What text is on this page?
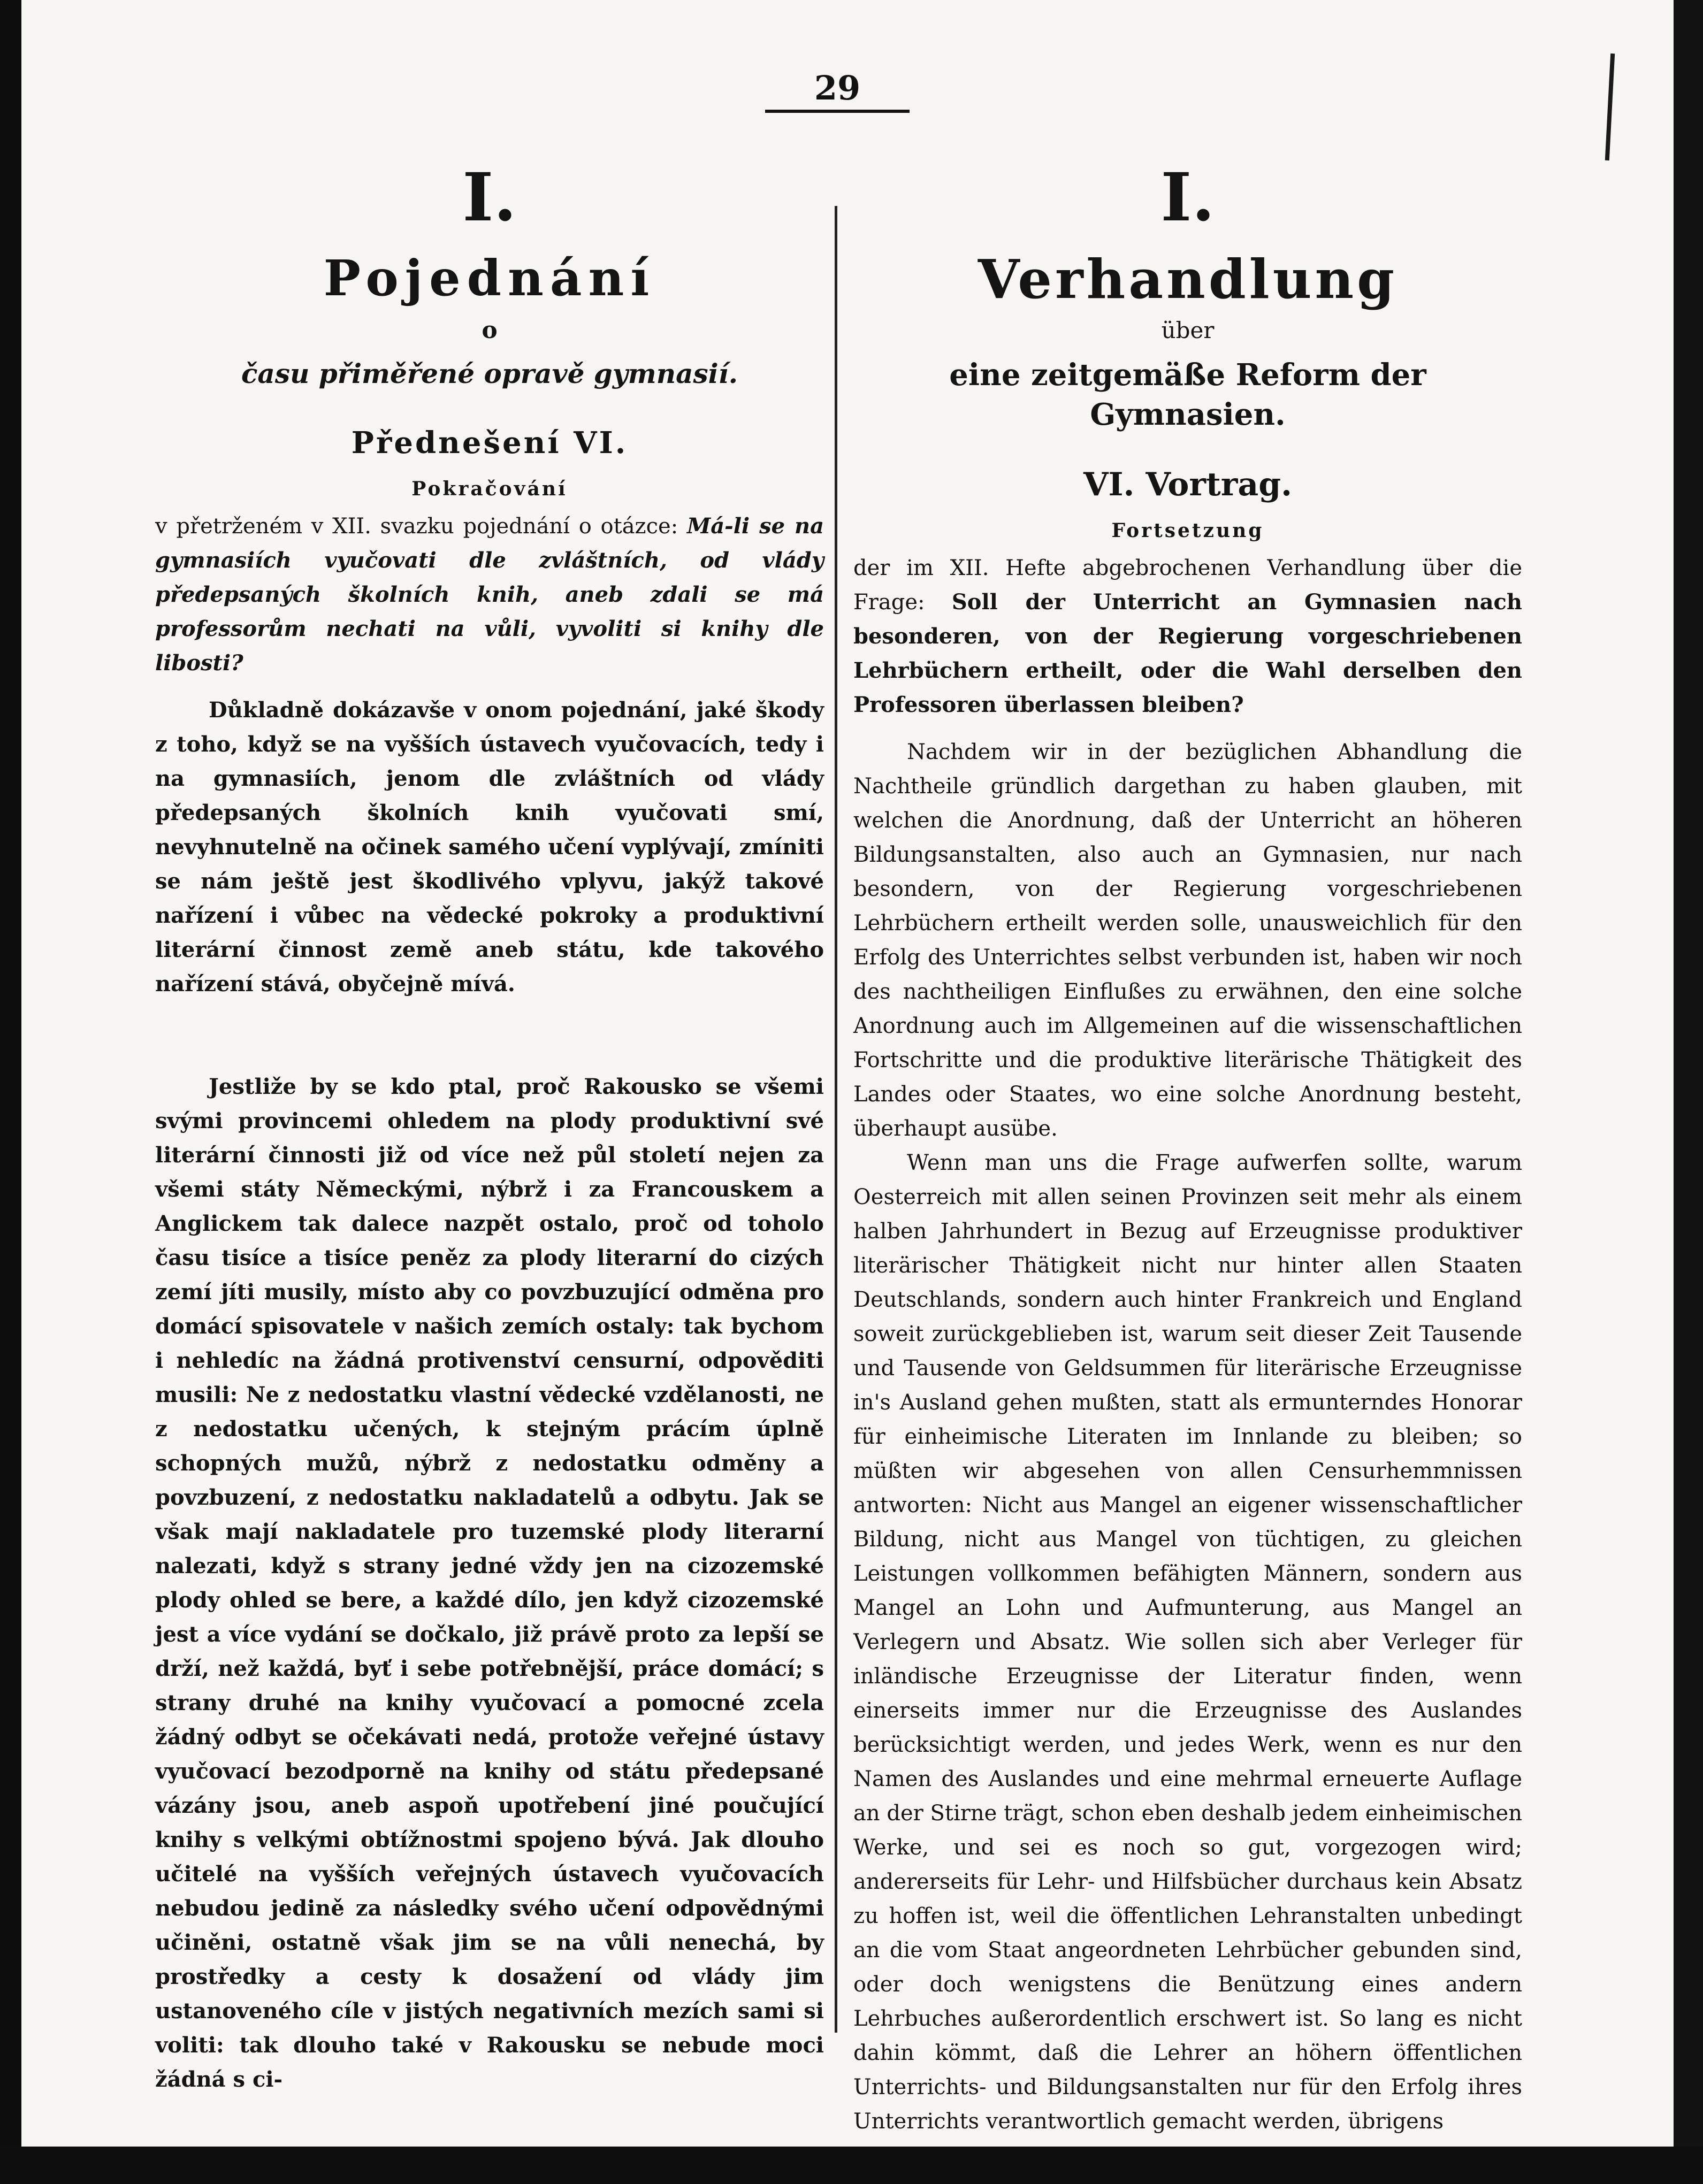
29
I.
Pojednání
o
času přiměřené opravě gymnasií.
Přednešení VI.
Pokračování

v přetrženém v XII. svazku pojednání o otázce: Má-li se na gymnasiích vyučovati dle zvláštních, od vlády předepsaných školních knih, aneb zdali se má professorům nechati na vůli, vyvoliti si knihy dle libosti?

Důkladně dokázavše v onom pojednání, jaké škody z toho, když se na vyšších ústavech vyučovacích, tedy i na gymnasiích, jenom dle zvláštních od vlády předepsaných školních knih vyučovati smí, nevyhnutelně na očinek samého učení vyplývají, zmíniti se nám ještě jest škodlivého vplyvu, jakýž takové nařízení i vůbec na vědecké pokroky a produktivní literární činnost země aneb státu, kde takového nařízení stává, obyčejně mívá.

Jestliže by se kdo ptal, proč Rakousko se všemi svými provincemi ohledem na plody produktivní své literární činnosti již od více než půl století nejen za všemi státy Německými, nýbrž i za Francouskem a Anglickem tak dalece nazpět ostalo, proč od toholo času tisíce a tisíce peněz za plody literarní do cizých zemí jíti musily, místo aby co povzbuzující odměna pro domácí spisovatele v našich zemích ostaly: tak bychom i nehledíc na žádná protivenství censurní, odpověditi musili: Ne z nedostatku vlastní vědecké vzdělanosti, ne z nedostatku učených, k stejným prácím úplně schopných mužů, nýbrž z nedostatku odměny a povzbuzení, z nedostatku nakladatelů a odbytu. Jak se však mají nakladatele pro tuzemské plody literarní nalezati, když s strany jedné vždy jen na cizozemské plody ohled se bere, a každé dílo, jen když cizozemské jest a více vydání se dočkalo, již právě proto za lepší se drží, než každá, byť i sebe potřebnější, práce domácí; s strany druhé na knihy vyučovací a pomocné zcela žádný odbyt se očekávati nedá, protože veřejné ústavy vyučovací bezodporně na knihy od státu předepsané vázány jsou, aneb aspoň upotřebení jiné poučující knihy s velkými obtížnostmi spojeno bývá. Jak dlouho učitelé na vyšších veřejných ústavech vyučovacích nebudou jedině za následky svého učení odpovědnými učiněni, ostatně však jim se na vůli nenechá, by prostředky a cesty k dosažení od vlády jim ustanoveného cíle v jistých negativních mezích sami si voliti: tak dlouho také v Rakousku se nebude moci žádná s ci-

I.
Verhandlung
über
eine zeitgemäße Reform der Gymnasien.
VI. Vortrag.
Fortsetzung

der im XII. Hefte abgebrochenen Verhandlung über die Frage: Soll der Unterricht an Gymnasien nach besonderen, von der Regierung vorgeschriebenen Lehrbüchern ertheilt, oder die Wahl derselben den Professoren überlassen bleiben?

Nachdem wir in der bezüglichen Abhandlung die Nachtheile gründlich dargethan zu haben glauben, mit welchen die Anordnung, daß der Unterricht an höheren Bildungsanstalten, also auch an Gymnasien, nur nach besondern, von der Regierung vorgeschriebenen Lehrbüchern ertheilt werden solle, unausweichlich für den Erfolg des Unterrichtes selbst verbunden ist, haben wir noch des nachtheiligen Einflußes zu erwähnen, den eine solche Anordnung auch im Allgemeinen auf die wissenschaftlichen Fortschritte und die produktive literärische Thätigkeit des Landes oder Staates, wo eine solche Anordnung besteht, überhaupt ausübe.

Wenn man uns die Frage aufwerfen sollte, warum Oesterreich mit allen seinen Provinzen seit mehr als einem halben Jahrhundert in Bezug auf Erzeugnisse produktiver literärischer Thätigkeit nicht nur hinter allen Staaten Deutschlands, sondern auch hinter Frankreich und England soweit zurückgeblieben ist, warum seit dieser Zeit Tausende und Tausende von Geldsummen für literärische Erzeugnisse in's Ausland gehen mußten, statt als ermunterndes Honorar für einheimische Literaten im Innlande zu bleiben; so müßten wir abgesehen von allen Censurhemmnissen antworten: Nicht aus Mangel an eigener wissenschaftlicher Bildung, nicht aus Mangel von tüchtigen, zu gleichen Leistungen vollkommen befähigten Männern, sondern aus Mangel an Lohn und Aufmunterung, aus Mangel an Verlegern und Absatz. Wie sollen sich aber Verleger für inländische Erzeugnisse der Literatur finden, wenn einerseits immer nur die Erzeugnisse des Auslandes berücksichtigt werden, und jedes Werk, wenn es nur den Namen des Auslandes und eine mehrmal erneuerte Auflage an der Stirne trägt, schon eben deshalb jedem einheimischen Werke, und sei es noch so gut, vorgezogen wird; andererseits für Lehr- und Hilfsbücher durchaus kein Absatz zu hoffen ist, weil die öffentlichen Lehranstalten unbedingt an die vom Staat angeordneten Lehrbücher gebunden sind, oder doch wenigstens die Benützung eines andern Lehrbuches außerordentlich erschwert ist. So lang es nicht dahin kömmt, daß die Lehrer an höhern öffentlichen Unterrichts- und Bildungsanstalten nur für den Erfolg ihres Unterrichts verantwortlich gemacht werden, übrigens
